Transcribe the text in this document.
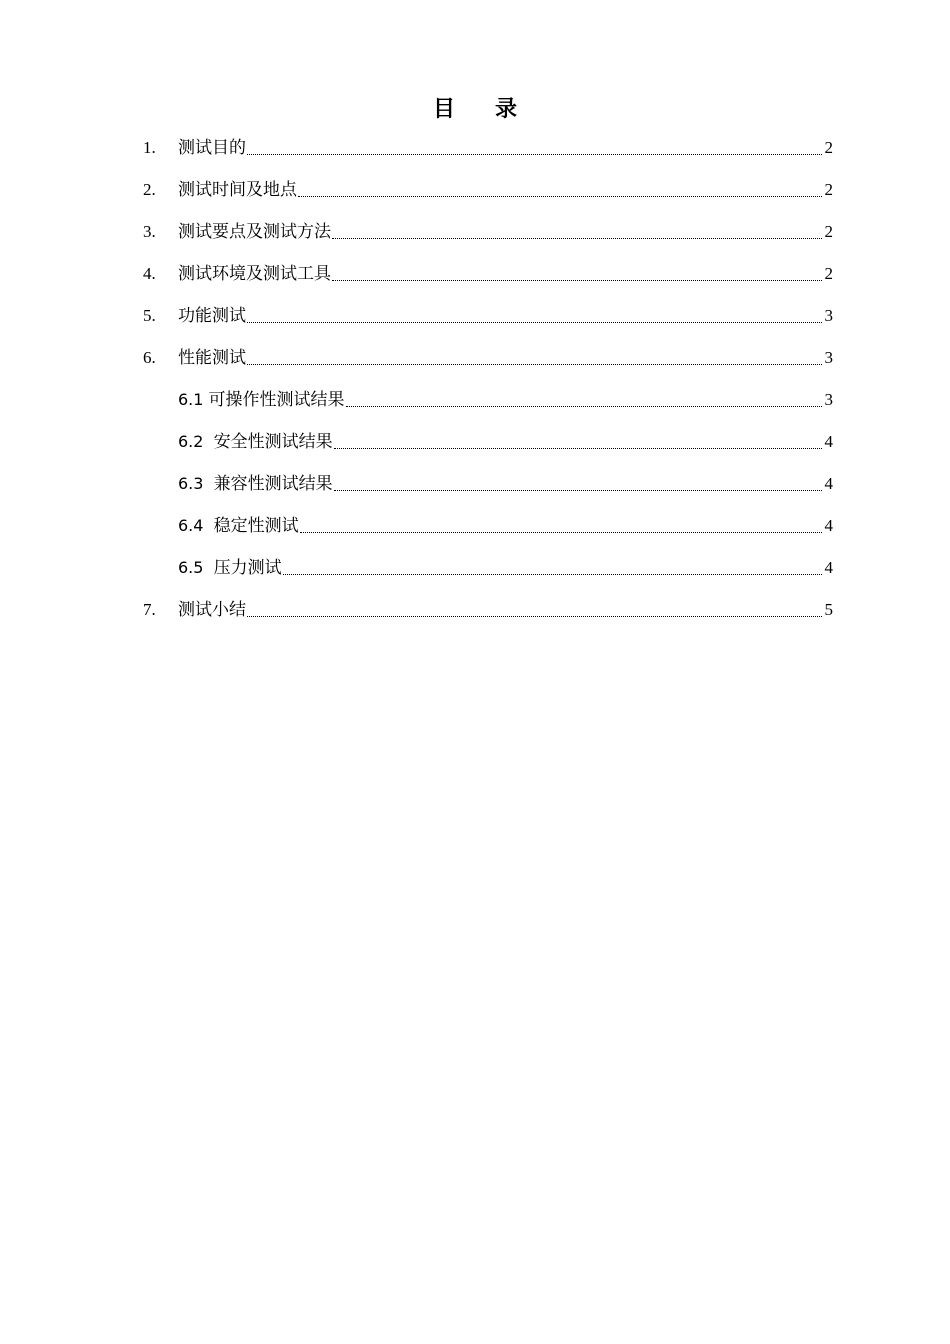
目 录
1. 测试目的	2
2. 测试时间及地点	2
3. 测试要点及测试方法	2
4. 测试环境及测试工具	2
5. 功能测试	3
6. 性能测试	3
6.1 可操作性测试结果	3
6.2 安全性测试结果	4
6.3 兼容性测试结果	4
6.4 稳定性测试	4
6.5 压力测试	4
7. 测试小结	5
